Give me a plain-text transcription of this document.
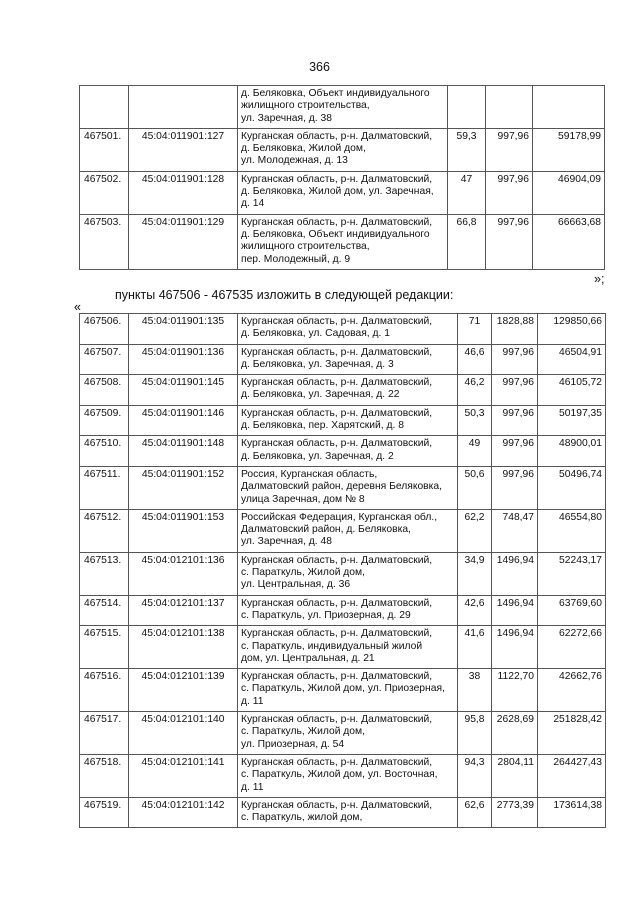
366
		д. Беляковка, Объект индивидуального
жилищного строительства,
ул. Заречная, д. 38			
467501.	45:04:011901:127	Курганская область, р-н. Далматовский,
д. Беляковка, Жилой дом,
ул. Молодежная, д. 13	59,3	997,96	59178,99
467502.	45:04:011901:128	Курганская область, р-н. Далматовский,
д. Беляковка, Жилой дом, ул. Заречная,
д. 14	47	997,96	46904,09
467503.	45:04:011901:129	Курганская область, р-н. Далматовский,
д. Беляковка, Объект индивидуального
жилищного строительства,
пер. Молодежный, д. 9	66,8	997,96	66663,68
»;
пункты 467506 - 467535 изложить в следующей редакции:
«
467506.	45:04:011901:135	Курганская область, р-н. Далматовский,
д. Беляковка, ул. Садовая, д. 1	71	1828,88	129850,66
467507.	45:04:011901:136	Курганская область, р-н. Далматовский,
д. Беляковка, ул. Заречная, д. 3	46,6	997,96	46504,91
467508.	45:04:011901:145	Курганская область, р-н. Далматовский,
д. Беляковка, ул. Заречная, д. 22	46,2	997,96	46105,72
467509.	45:04:011901:146	Курганская область, р-н. Далматовский,
д. Беляковка, пер. Харятский, д. 8	50,3	997,96	50197,35
467510.	45:04:011901:148	Курганская область, р-н. Далматовский,
д. Беляковка, ул. Заречная, д. 2	49	997,96	48900,01
467511.	45:04:011901:152	Россия, Курганская область,
Далматовский район, деревня Беляковка,
улица Заречная, дом № 8	50,6	997,96	50496,74
467512.	45:04:011901:153	Российская Федерация, Курганская обл.,
Далматовский район, д. Беляковка,
ул. Заречная, д. 48	62,2	748,47	46554,80
467513.	45:04:012101:136	Курганская область, р-н. Далматовский,
с. Параткуль, Жилой дом,
ул. Центральная, д. 36	34,9	1496,94	52243,17
467514.	45:04:012101:137	Курганская область, р-н. Далматовский,
с. Параткуль, ул. Приозерная, д. 29	42,6	1496,94	63769,60
467515.	45:04:012101:138	Курганская область, р-н. Далматовский,
с. Параткуль, индивидуальный жилой
дом, ул. Центральная, д. 21	41,6	1496,94	62272,66
467516.	45:04:012101:139	Курганская область, р-н. Далматовский,
с. Параткуль, Жилой дом, ул. Приозерная,
д. 11	38	1122,70	42662,76
467517.	45:04:012101:140	Курганская область, р-н. Далматовский,
с. Параткуль, Жилой дом,
ул. Приозерная, д. 54	95,8	2628,69	251828,42
467518.	45:04:012101:141	Курганская область, р-н. Далматовский,
с. Параткуль, Жилой дом, ул. Восточная,
д. 11	94,3	2804,11	264427,43
467519.	45:04:012101:142	Курганская область, р-н. Далматовский,
с. Параткуль, жилой дом,	62,6	2773,39	173614,38
